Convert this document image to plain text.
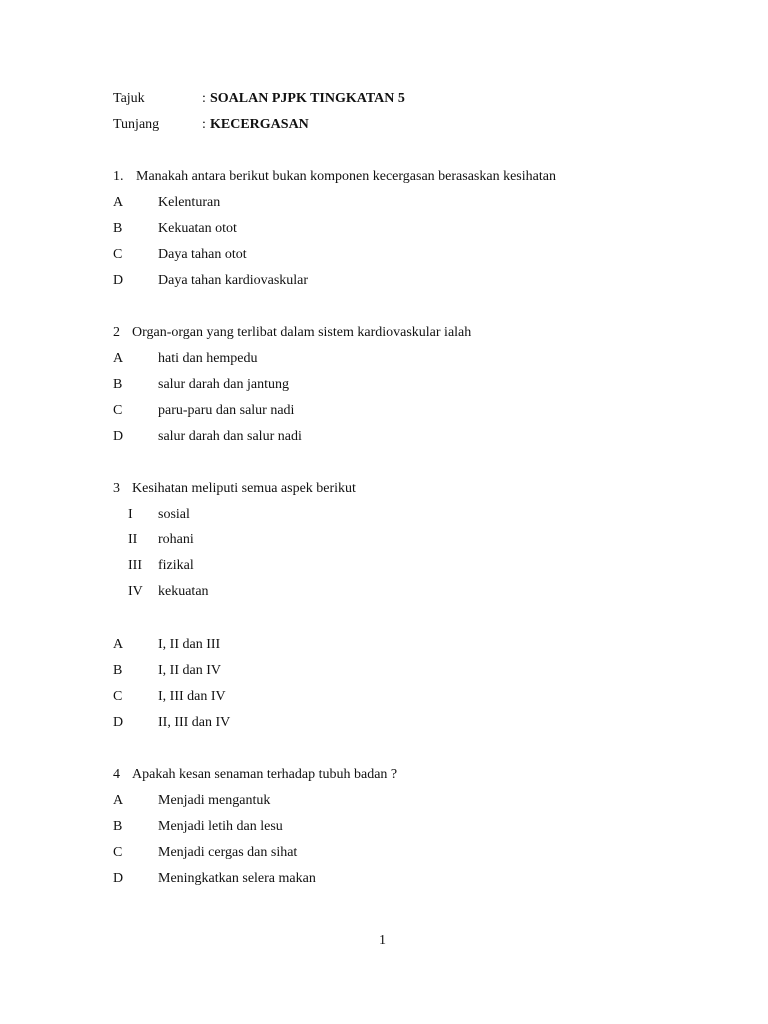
Tajuk	: SOALAN PJPK TINGKATAN 5
Tunjang	: KECERGASAN
1. Manakah antara berikut bukan komponen kecergasan berasaskan kesihatan
A Kelenturan
B	Kekuatan otot
C	Daya tahan otot
D Daya tahan kardiovaskular
2 Organ-organ yang terlibat dalam sistem kardiovaskular ialah
A hati dan hempedu
B	salur darah dan jantung
C	paru-paru dan salur nadi
D salur darah dan salur nadi
3 Kesihatan meliputi semua aspek berikut
I sosial
II rohani
III fizikal
IV kekuatan
A I, II dan III
B	I, II dan IV
C	I, III dan IV
D II, III dan IV
4 Apakah kesan senaman terhadap tubuh badan ?
A Menjadi mengantuk
B	Menjadi letih dan lesu
C	Menjadi cergas dan sihat
D Meningkatkan selera makan
1
